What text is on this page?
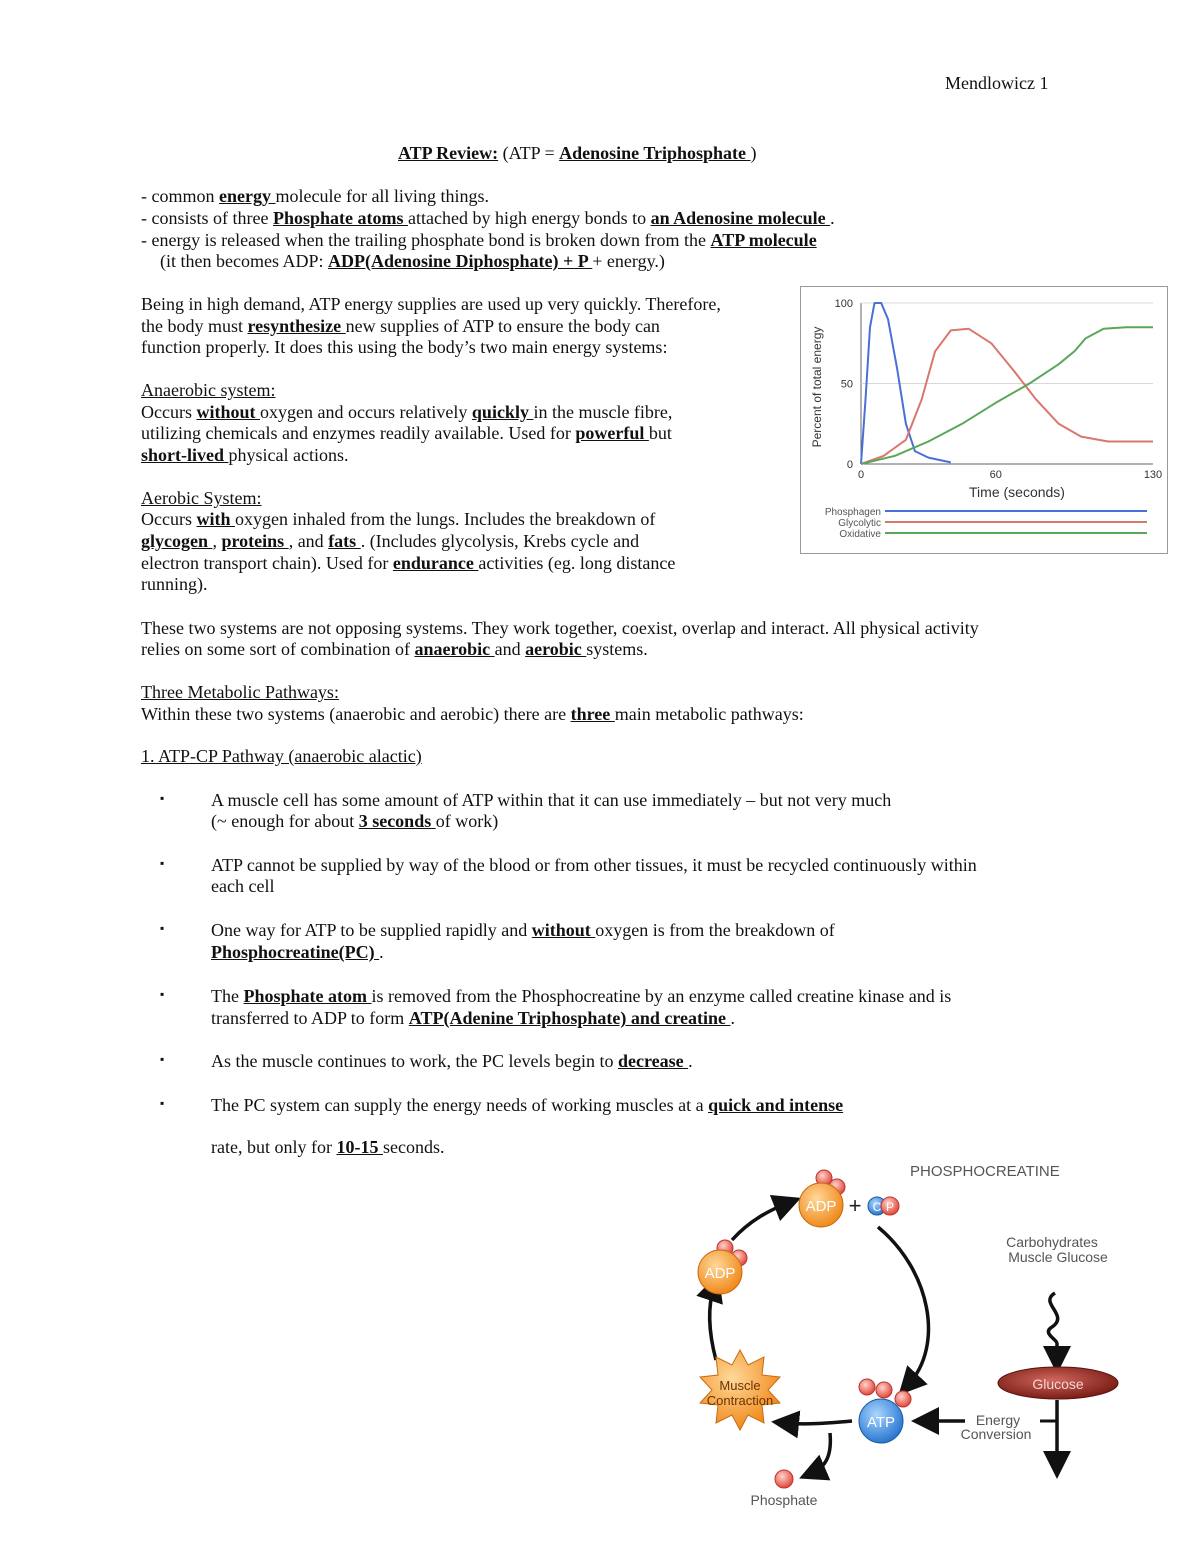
Mendlowicz 1
ATP Review: (ATP = Adenosine Triphosphate )
- common energy molecule for all living things.
- consists of three Phosphate atoms attached by high energy bonds to an Adenosine molecule .
- energy is released when the trailing phosphate bond is broken down from the ATP molecule
(it then becomes ADP: ADP(Adenosine Diphosphate) + P + energy.)
Being in high demand, ATP energy supplies are used up very quickly. Therefore,
the body must resynthesize new supplies of ATP to ensure the body can
function properly. It does this using the body’s two main energy systems:
Anaerobic system:
Occurs without oxygen and occurs relatively quickly in the muscle fibre,
utilizing chemicals and enzymes readily available. Used for powerful but
short-lived physical actions.
Aerobic System:
Occurs with oxygen inhaled from the lungs. Includes the breakdown of
glycogen , proteins , and fats . (Includes glycolysis, Krebs cycle and
electron transport chain). Used for endurance activities (eg. long distance
running).
These two systems are not opposing systems. They work together, coexist, overlap and interact. All physical activity
relies on some sort of combination of anaerobic and aerobic systems.
Three Metabolic Pathways:
Within these two systems (anaerobic and aerobic) there are three main metabolic pathways:
1. ATP-CP Pathway (anaerobic alactic)
▪	A muscle cell has some amount of ATP within that it can use immediately – but not very much
(~ enough for about 3 seconds of work)
▪	ATP cannot be supplied by way of the blood or from other tissues, it must be recycled continuously within
each cell
▪	One way for ATP to be supplied rapidly and without oxygen is from the breakdown of
Phosphocreatine(PC) .
▪	The Phosphate atom is removed from the Phosphocreatine by an enzyme called creatine kinase and is
transferred to ADP to form ATP(Adenine Triphosphate) and creatine .
▪	As the muscle continues to work, the PC levels begin to decrease .
▪	The PC system can supply the energy needs of working muscles at a quick and intense
rate, but only for 10-15 seconds.
Percent of total energy
Time (seconds)
0
50
100
0	60	130
Phosphagen
Glycolytic
Oxidative
PHOSPHOCREATINE
ADP + C P
ADP
ATP
Muscle
Contraction
Phosphate
Carbohydrates
Muscle Glucose
Glucose
Energy
Conversion
